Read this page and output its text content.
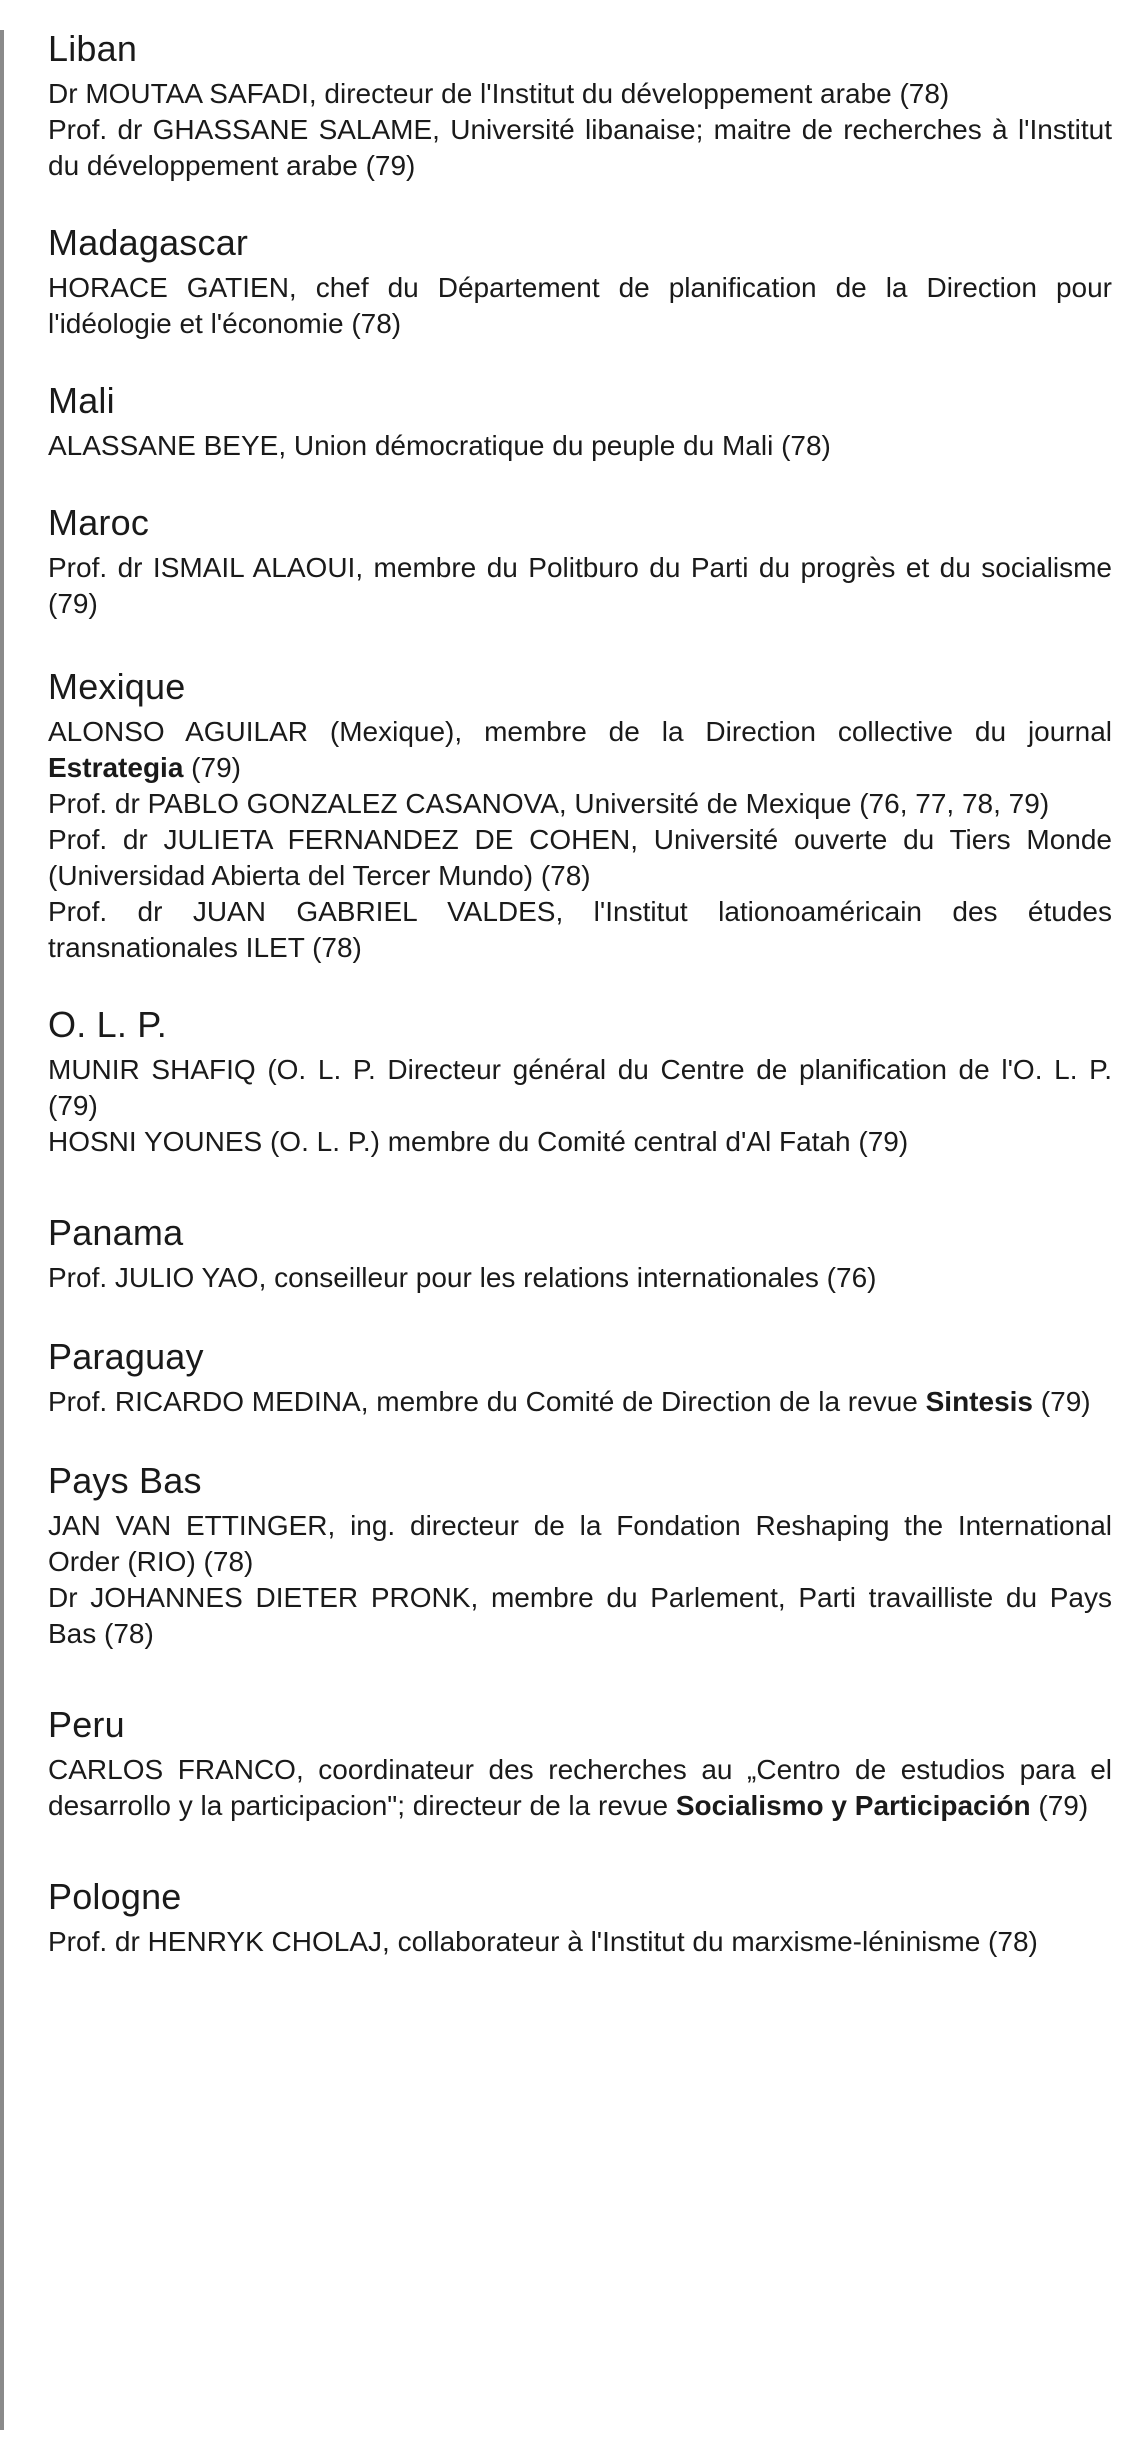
Liban

Dr MOUTAA SAFADI, directeur de l'Institut du développement arabe (78)

Prof. dr GHASSANE SALAME, Université libanaise; maitre de recherches à l'Institut du développement arabe (79)

Madagascar

HORACE GATIEN, chef du Département de planification de la Direction pour l'idéologie et l'économie (78)

Mali

ALASSANE BEYE, Union démocratique du peuple du Mali (78)

Maroc

Prof. dr ISMAIL ALAOUI, membre du Politburo du Parti du progrès et du socialisme (79)

Mexique

ALONSO AGUILAR (Mexique), membre de la Direction collective du journal Estrategia (79)

Prof. dr PABLO GONZALEZ CASANOVA, Université de Mexique (76, 77, 78, 79)

Prof. dr JULIETA FERNANDEZ DE COHEN, Université ouverte du Tiers Monde (Universidad Abierta del Tercer Mundo) (78)

Prof. dr JUAN GABRIEL VALDES, l'Institut lationoaméricain des études transnationales ILET (78)

O. L. P.

MUNIR SHAFIQ (O. L. P. Directeur général du Centre de planification de l'O. L. P. (79)

HOSNI YOUNES (O. L. P.) membre du Comité central d'Al Fatah (79)

Panama

Prof. JULIO YAO, conseilleur pour les relations internationales (76)

Paraguay

Prof. RICARDO MEDINA, membre du Comité de Direction de la revue Sintesis (79)

Pays Bas

JAN VAN ETTINGER, ing. directeur de la Fondation Reshaping the International Order (RIO) (78)

Dr JOHANNES DIETER PRONK, membre du Parlement, Parti travailliste du Pays Bas (78)

Peru

CARLOS FRANCO, coordinateur des recherches au „Centro de estudios para el desarrollo y la participacion"; directeur de la revue Socialismo y Participación (79)

Pologne

Prof. dr HENRYK CHOLAJ, collaborateur à l'Institut du marxisme-léninisme (78)
